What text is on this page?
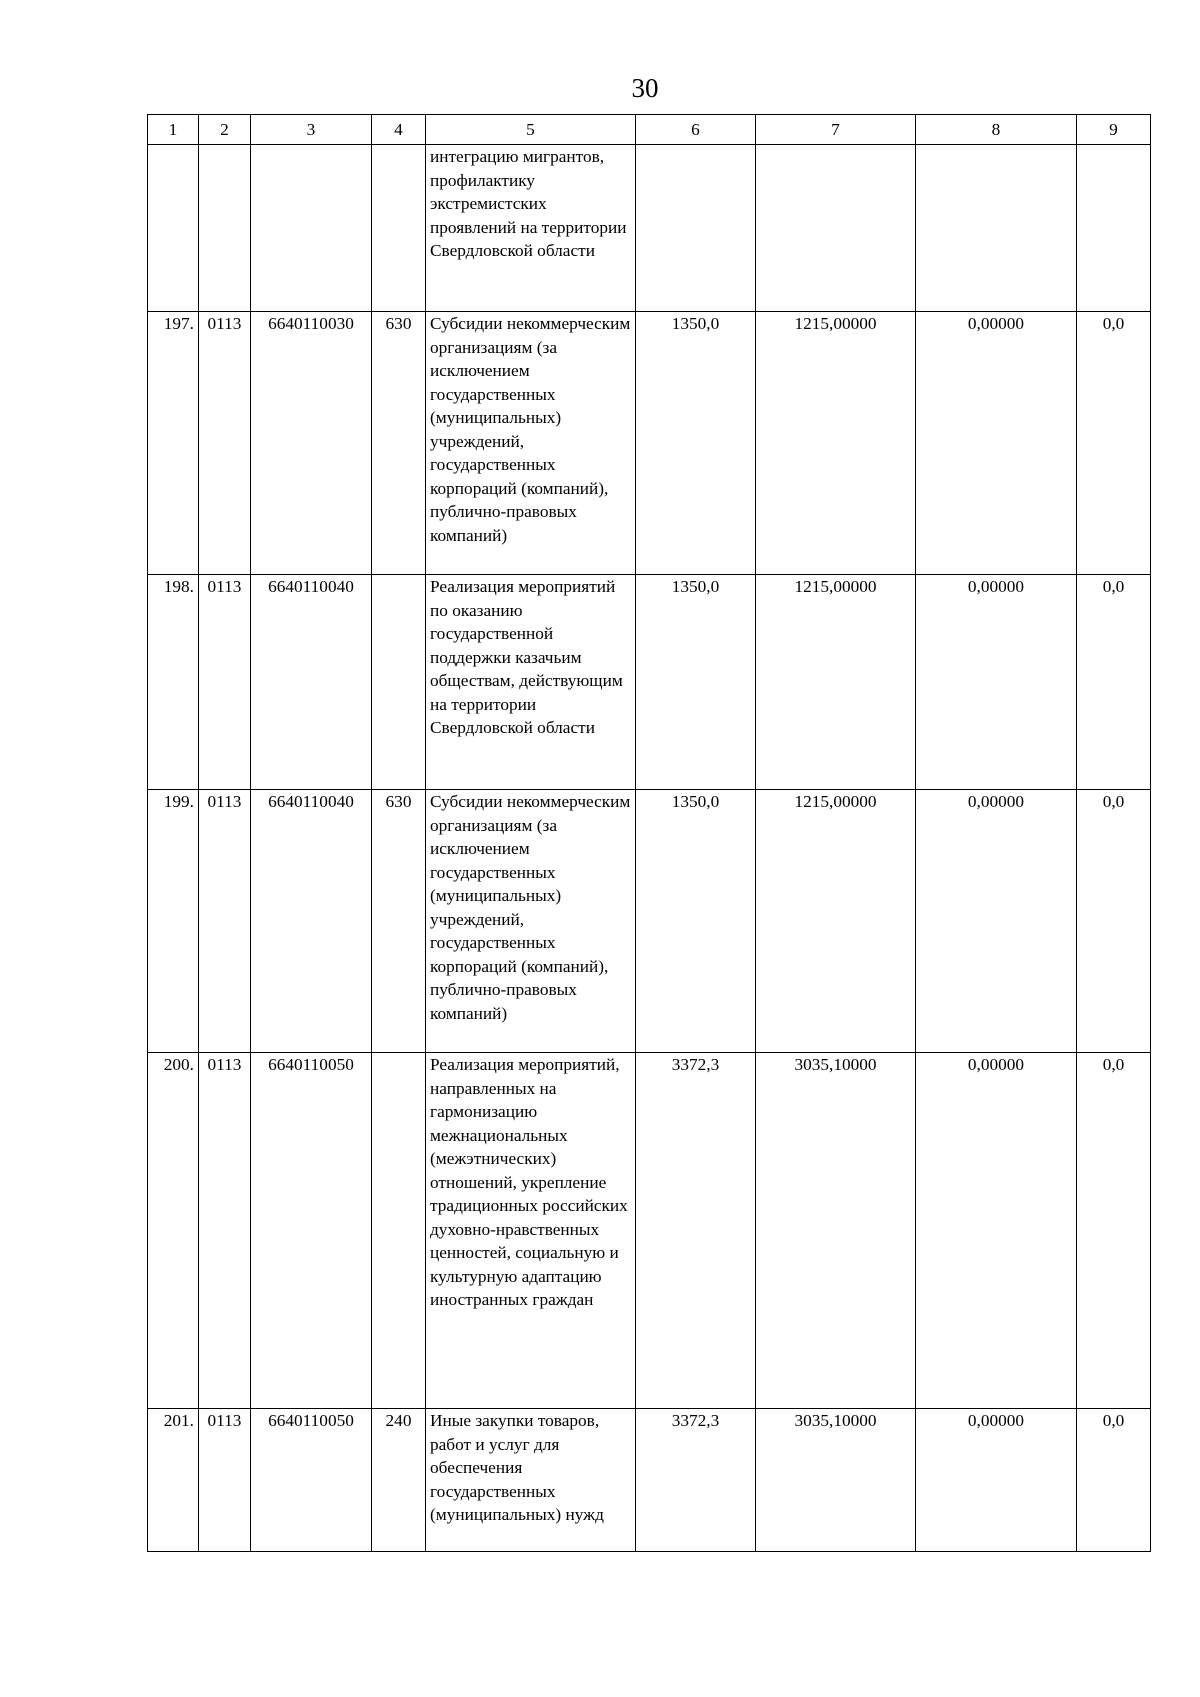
30
1	2	3	4	5	6	7	8	9
				интеграцию мигрантов, профилактику экстремистских проявлений на территории Свердловской области				
197.	0113	6640110030	630	Субсидии некоммерческим организациям (за исключением государственных (муниципальных) учреждений, государственных корпораций (компаний), публично-правовых компаний)	1350,0	1215,00000	0,00000	0,0
198.	0113	6640110040		Реализация мероприятий по оказанию государственной поддержки казачьим обществам, действующим на территории Свердловской области	1350,0	1215,00000	0,00000	0,0
199.	0113	6640110040	630	Субсидии некоммерческим организациям (за исключением государственных (муниципальных) учреждений, государственных корпораций (компаний), публично-правовых компаний)	1350,0	1215,00000	0,00000	0,0
200.	0113	6640110050		Реализация мероприятий, направленных на гармонизацию межнациональных (межэтнических) отношений, укрепление традиционных российских духовно-нравственных ценностей, социальную и культурную адаптацию иностранных граждан	3372,3	3035,10000	0,00000	0,0
201.	0113	6640110050	240	Иные закупки товаров, работ и услуг для обеспечения государственных (муниципальных) нужд	3372,3	3035,10000	0,00000	0,0
